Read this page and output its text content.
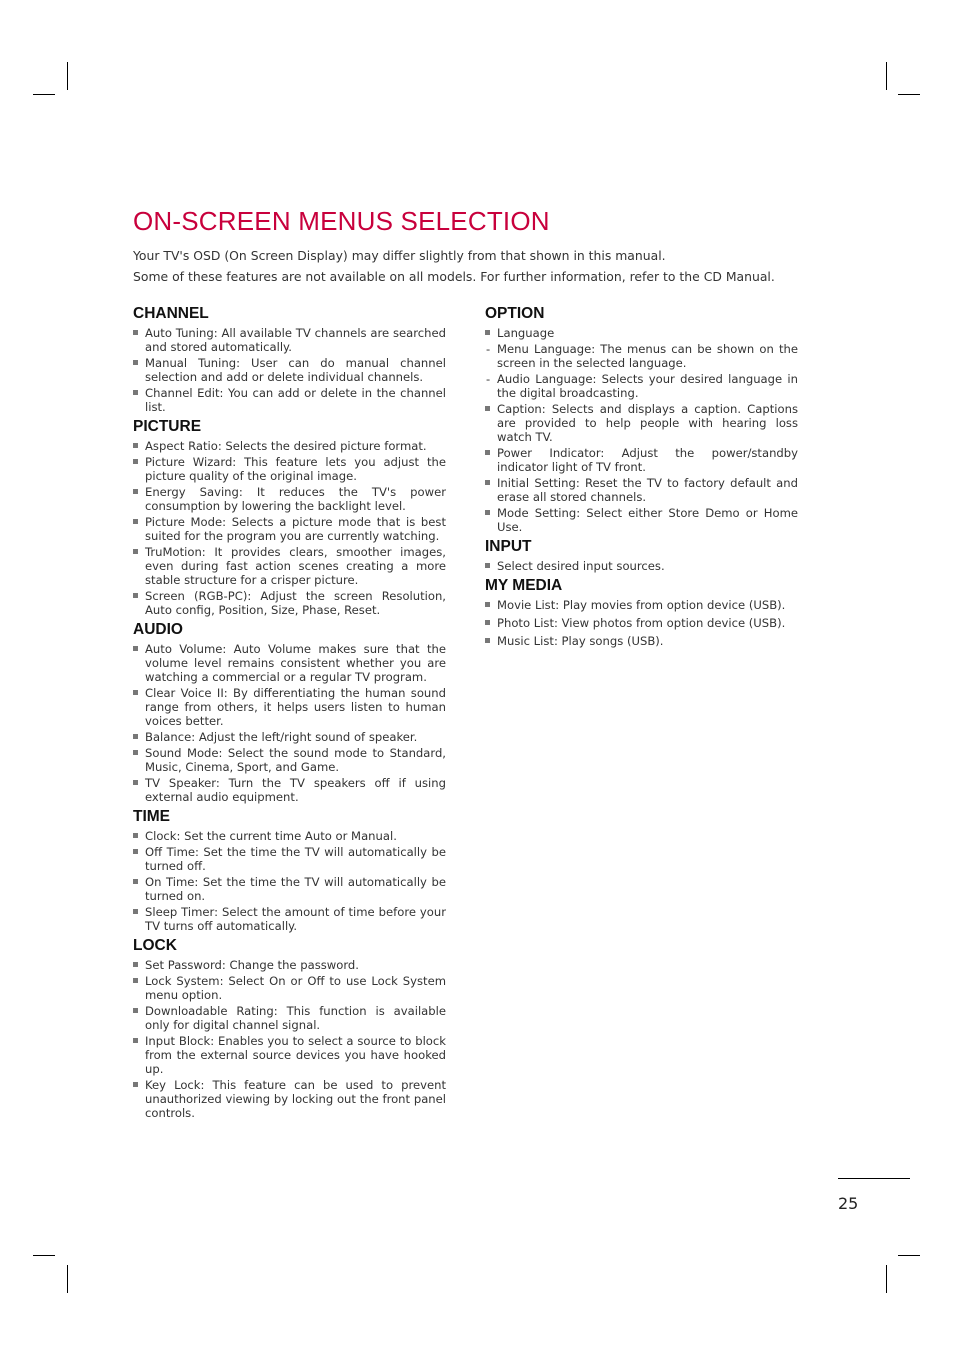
ON-SCREEN MENUS SELECTION

Your TV's OSD (On Screen Display) may differ slightly from that shown in this manual.

Some of these features are not available on all models. For further information, refer to the CD Manual.

CHANNEL
Auto Tuning: All available TV channels are searched and stored automatically.
Manual Tuning: User can do manual channel selection and add or delete individual channels.
Channel Edit: You can add or delete in the channel list.
PICTURE
Aspect Ratio: Selects the desired picture format.
Picture Wizard: This feature lets you adjust the picture quality of the original image.
Energy Saving: It reduces the TV's power consumption by lowering the backlight level.
Picture Mode: Selects a picture mode that is best suited for the program you are currently watching.
TruMotion: It provides clears, smoother images, even during fast action scenes creating a more stable structure for a crisper picture.
Screen (RGB-PC): Adjust the screen Resolution, Auto config, Position, Size, Phase, Reset.
AUDIO
Auto Volume: Auto Volume makes sure that the volume level remains consistent whether you are watching a commercial or a regular TV program.
Clear Voice II: By differentiating the human sound range from others, it helps users listen to human voices better.
Balance: Adjust the left/right sound of speaker.
Sound Mode: Select the sound mode to Standard, Music, Cinema, Sport, and Game.
TV Speaker: Turn the TV speakers off if using external audio equipment.
TIME
Clock: Set the current time Auto or Manual.
Off Time: Set the time the TV will automatically be turned off.
On Time: Set the time the TV will automatically be turned on.
Sleep Timer: Select the amount of time before your TV turns off automatically.
LOCK
Set Password: Change the password.
Lock System: Select On or Off to use Lock System menu option.
Downloadable Rating: This function is available only for digital channel signal.
Input Block: Enables you to select a source to block from the external source devices you have hooked up.
Key Lock: This feature can be used to prevent unauthorized viewing by locking out the front panel controls.
OPTION
Language
- Menu Language: The menus can be shown on the screen in the selected language.
- Audio Language: Selects your desired language in the digital broadcasting.
Caption: Selects and displays a caption. Captions are provided to help people with hearing loss watch TV.
Power Indicator: Adjust the power/standby indicator light of TV front.
Initial Setting: Reset the TV to factory default and erase all stored channels.
Mode Setting: Select either Store Demo or Home Use.
INPUT
Select desired input sources.
MY MEDIA
Movie List: Play movies from option device (USB).
Photo List: View photos from option device (USB).
Music List: Play songs (USB).
25
